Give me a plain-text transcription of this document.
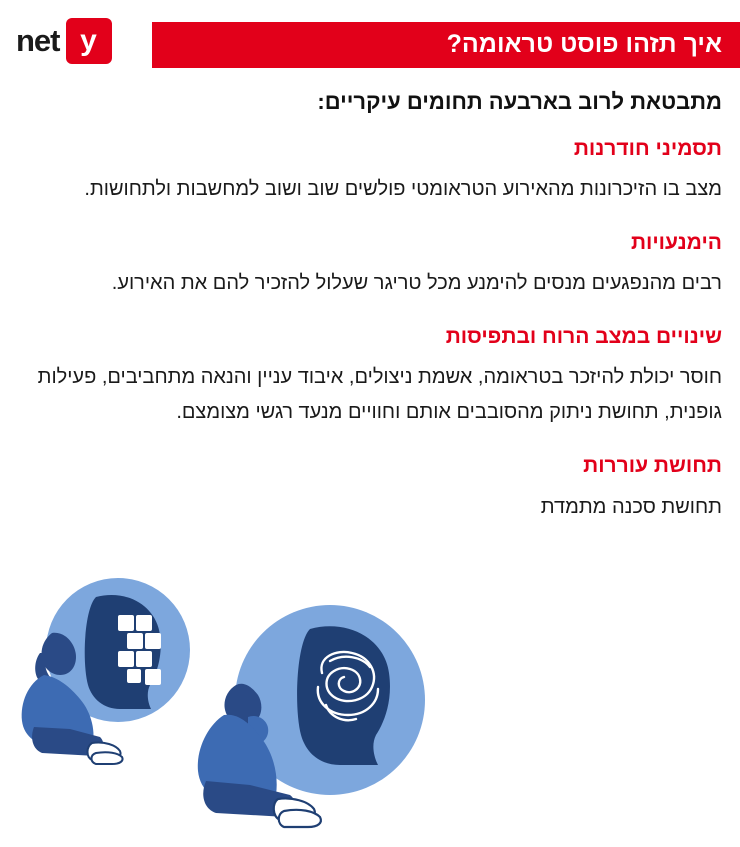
y
net	איך תזהו פוסט טראומה?

מתבטאת לרוב בארבעה תחומים עיקריים:

תסמיני חודרנות

מצב בו הזיכרונות מהאירוע הטראומטי פולשים שוב ושוב למחשבות ולתחושות.

הימנעויות

רבים מהנפגעים מנסים להימנע מכל טריגר שעלול להזכיר להם את האירוע.

שינויים במצב הרוח ובתפיסות

חוסר יכולת להיזכר בטראומה, אשמת ניצולים, איבוד עניין והנאה מתחביבים, פעילות גופנית, תחושת ניתוק מהסובבים אותם וחוויים מנעד רגשי מצומצם.

תחושת עוררות

תחושת סכנה מתמדת
